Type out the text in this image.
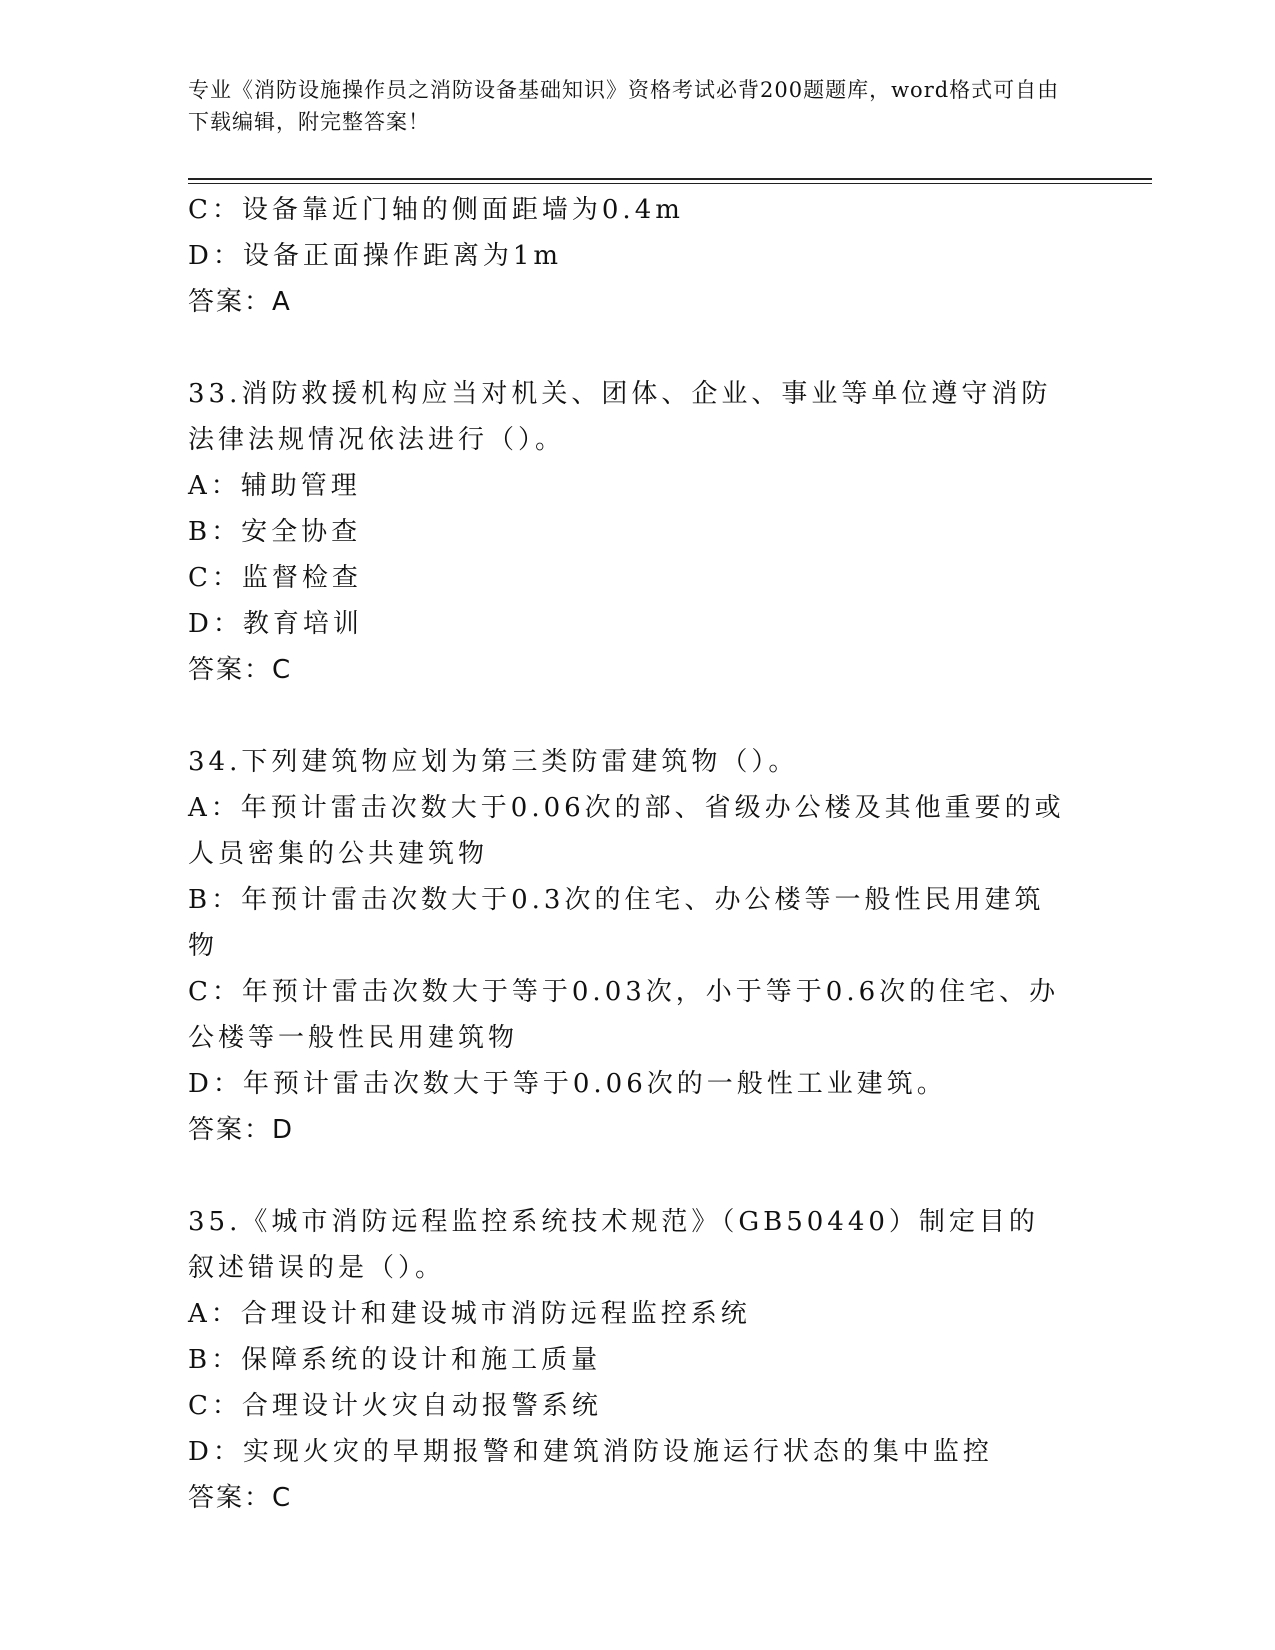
专业《消防设施操作员之消防设备基础知识》资格考试必背200题题库，word格式可自由下载编辑，附完整答案！
C：设备靠近门轴的侧面距墙为0.4m
D：设备正面操作距离为1m
答案：A
33.消防救援机构应当对机关、团体、企业、事业等单位遵守消防法律法规情况依法进行（）。
A：辅助管理
B：安全协查
C：监督检查
D：教育培训
答案：C
34.下列建筑物应划为第三类防雷建筑物（）。
A：年预计雷击次数大于0.06次的部、省级办公楼及其他重要的或人员密集的公共建筑物
B：年预计雷击次数大于0.3次的住宅、办公楼等一般性民用建筑物
C：年预计雷击次数大于等于0.03次，小于等于0.6次的住宅、办公楼等一般性民用建筑物
D：年预计雷击次数大于等于0.06次的一般性工业建筑。
答案：D
35.《城市消防远程监控系统技术规范》（GB50440）制定目的叙述错误的是（）。
A：合理设计和建设城市消防远程监控系统
B：保障系统的设计和施工质量
C：合理设计火灾自动报警系统
D：实现火灾的早期报警和建筑消防设施运行状态的集中监控
答案：C
